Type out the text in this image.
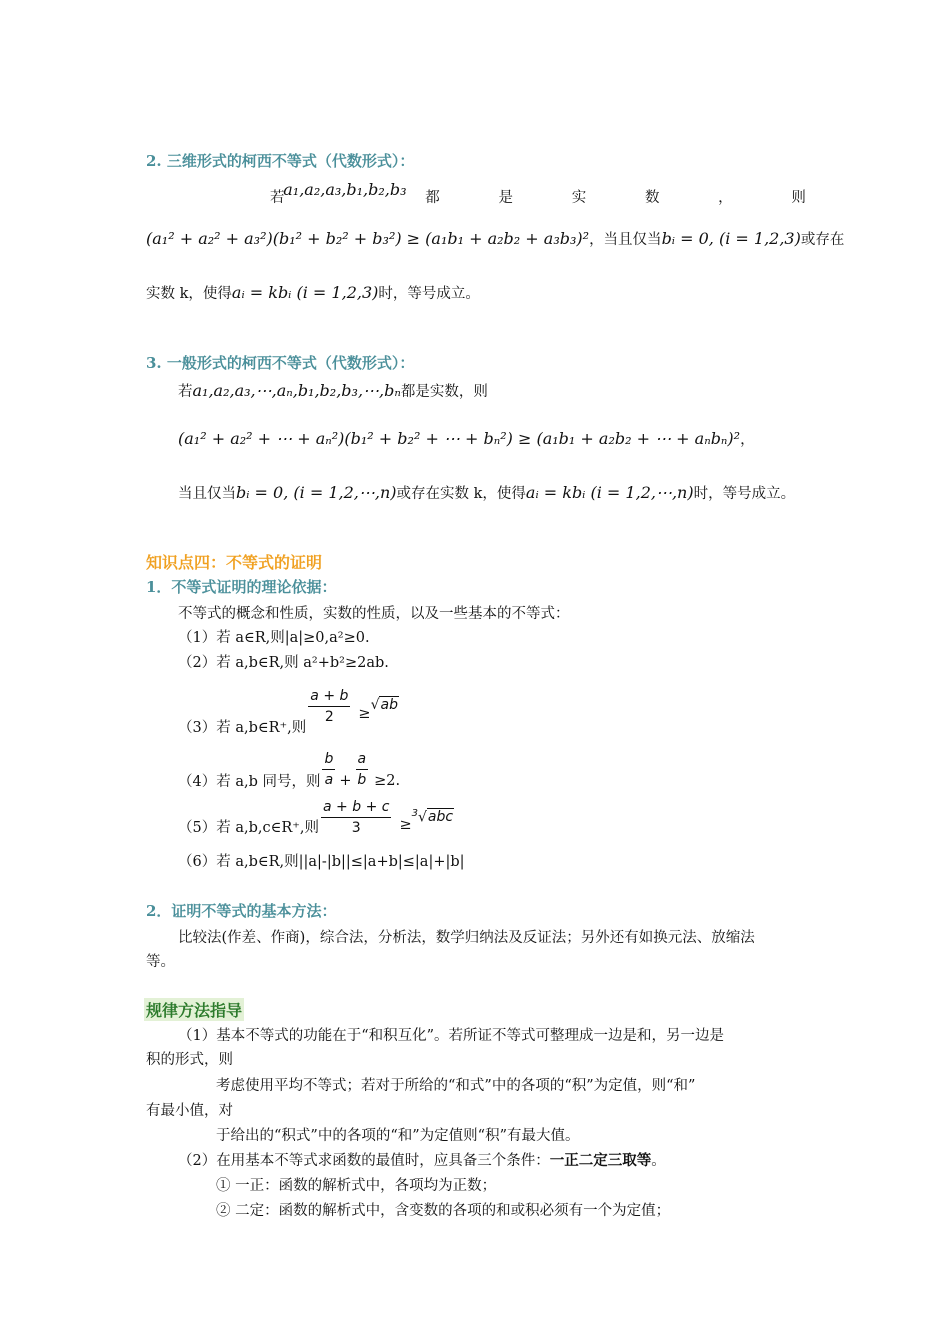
2. 三维形式的柯西不等式（代数形式）：
若
a₁,a₂,a₃,b₁,b₂,b₃ 都	是	实	数	，	则
(a₁² + a₂² + a₃²)(b₁² + b₂² + b₃²) ≥ (a₁b₁ + a₂b₂ + a₃b₃)²，当且仅当bᵢ = 0, (i = 1,2,3)或存在
实数 k，使得aᵢ = kbᵢ (i = 1,2,3)时，等号成立。
3. 一般形式的柯西不等式（代数形式）：
若a₁,a₂,a₃,⋯,aₙ,b₁,b₂,b₃,⋯,bₙ都是实数，则
(a₁² + a₂² + ⋯ + aₙ²)(b₁² + b₂² + ⋯ + bₙ²) ≥ (a₁b₁ + a₂b₂ + ⋯ + aₙbₙ)²，
当且仅当bᵢ = 0, (i = 1,2,⋯,n)或存在实数 k，使得aᵢ = kbᵢ (i = 1,2,⋯,n)时，等号成立。
知识点四：不等式的证明
1．不等式证明的理论依据：
不等式的概念和性质，实数的性质，以及一些基本的不等式：
（1）若 a∈R,则|a|≥0,a²≥0.
（2）若 a,b∈R,则 a²+b²≥2ab.
（3）若 a,b∈R⁺,则
$\frac{a + b}{2}$ ≥
√ab
（4）若 a,b 同号，则 $\frac{b}{a} + \frac{a}{b} \ge 2$.
（5）若 a,b,c∈R⁺,则 $\frac{a + b + c}{3}$ ≥
$^3$√abc
（6）若 a,b∈R,则||a|-|b||≤|a+b|≤|a|+|b|
2．证明不等式的基本方法：
比较法(作差、作商)，综合法，分析法，数学归纳法及反证法；另外还有如换元法、放缩法
等。
规律方法指导
（1）基本不等式的功能在于“和积互化”。若所证不等式可整理成一边是和，另一边是
积的形式，则
考虑使用平均不等式；若对于所给的“和式”中的各项的“积”为定值，则“和”
有最小值，对
于给出的“积式”中的各项的“和”为定值则“积”有最大值。
（2）在用基本不等式求函数的最值时，应具备三个条件：一正二定三取等。
① 一正：函数的解析式中，各项均为正数；
② 二定：函数的解析式中，含变数的各项的和或积必须有一个为定值；
